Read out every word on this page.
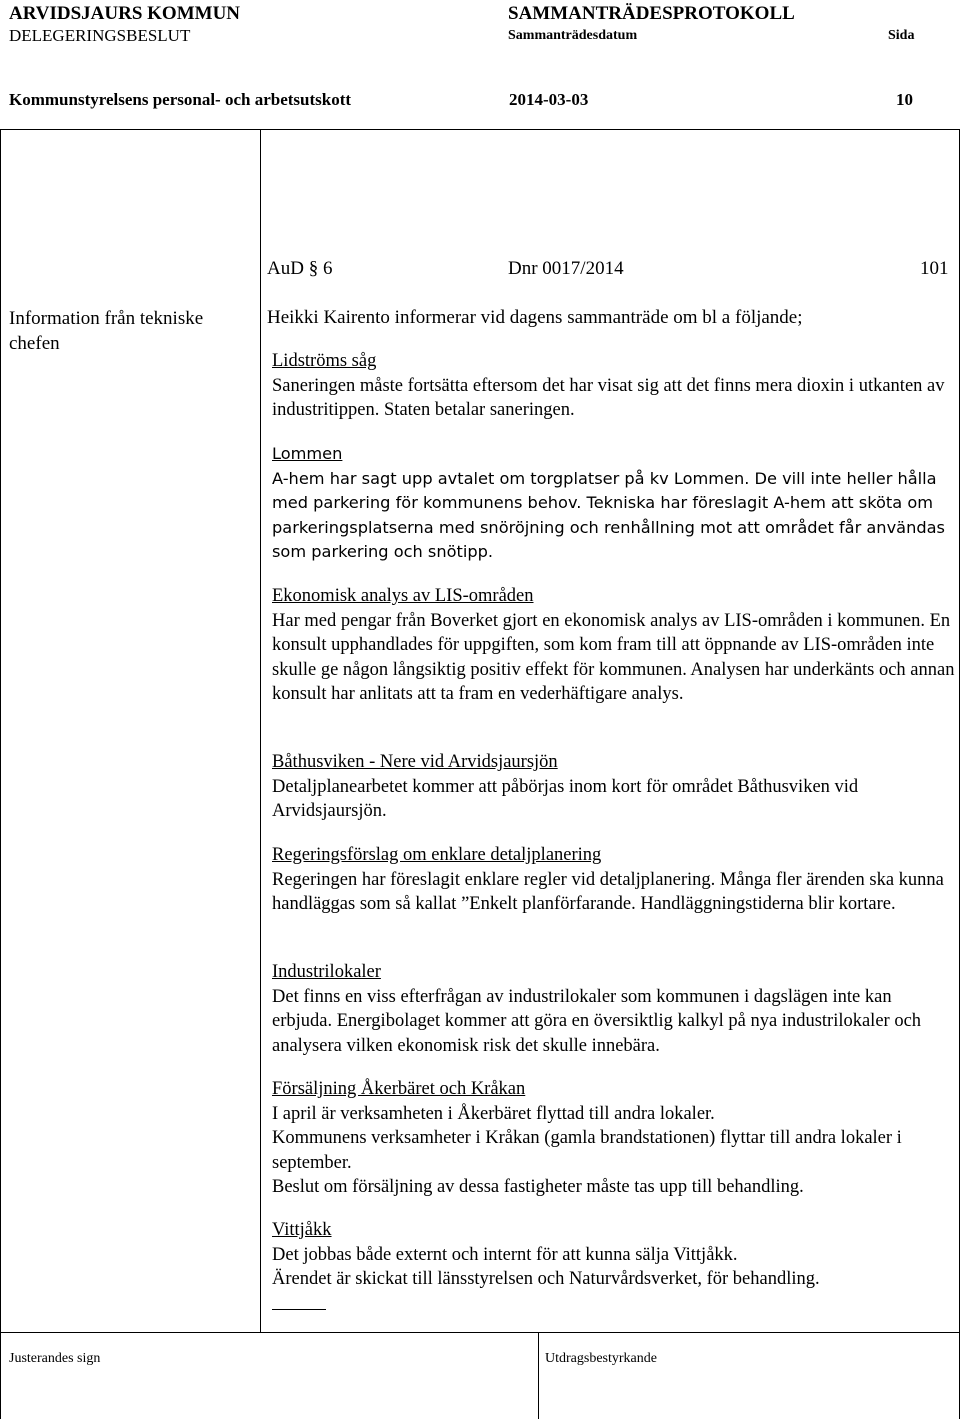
ARVIDSJAURS KOMMUN
DELEGERINGSBESLUT
SAMMANTRÄDESPROTOKOLL
Sammanträdesdatum	Sida
Kommunstyrelsens personal- och arbetsutskott	2014-03-03	10
AuD § 6	Dnr 0017/2014	101
Information från tekniske chefen
Heikki Kairento informerar vid dagens sammanträde om bl a följande;

Lidströms såg

Saneringen måste fortsätta eftersom det har visat sig att det finns mera dioxin i utkanten av industritippen. Staten betalar saneringen.

Lommen

A-hem har sagt upp avtalet om torgplatser på kv Lommen. De vill inte heller hålla med parkering för kommunens behov. Tekniska har föreslagit A-hem att sköta om parkeringsplatserna med snöröjning och renhållning mot att området får användas som parkering och snötipp.

Ekonomisk analys av LIS-områden

Har med pengar från Boverket gjort en ekonomisk analys av LIS-områden i kommunen. En konsult upphandlades för uppgiften, som kom fram till att öppnande av LIS-områden inte skulle ge någon långsiktig positiv effekt för kommunen. Analysen har underkänts och annan konsult har anlitats att ta fram en vederhäftigare analys.

Båthusviken - Nere vid Arvidsjaursjön

Detaljplanearbetet kommer att påbörjas inom kort för området Båthusviken vid Arvidsjaursjön.

Regeringsförslag om enklare detaljplanering

Regeringen har föreslagit enklare regler vid detaljplanering. Många fler ärenden ska kunna handläggas som så kallat ”Enkelt planförfarande. Handläggningstiderna blir kortare.

Industrilokaler

Det finns en viss efterfrågan av industrilokaler som kommunen i dagslägen inte kan erbjuda. Energibolaget kommer att göra en översiktlig kalkyl på nya industrilokaler och analysera vilken ekonomisk risk det skulle innebära.

Försäljning Åkerbäret och Kråkan

I april är verksamheten i Åkerbäret flyttad till andra lokaler.

Kommunens verksamheter i Kråkan (gamla brandstationen) flyttar till andra lokaler i september.

Beslut om försäljning av dessa fastigheter måste tas upp till behandling.

Vittjåkk

Det jobbas både externt och internt för att kunna sälja Vittjåkk.

Ärendet är skickat till länsstyrelsen och Naturvårdsverket, för behandling.

Justerandes sign	Utdragsbestyrkande
